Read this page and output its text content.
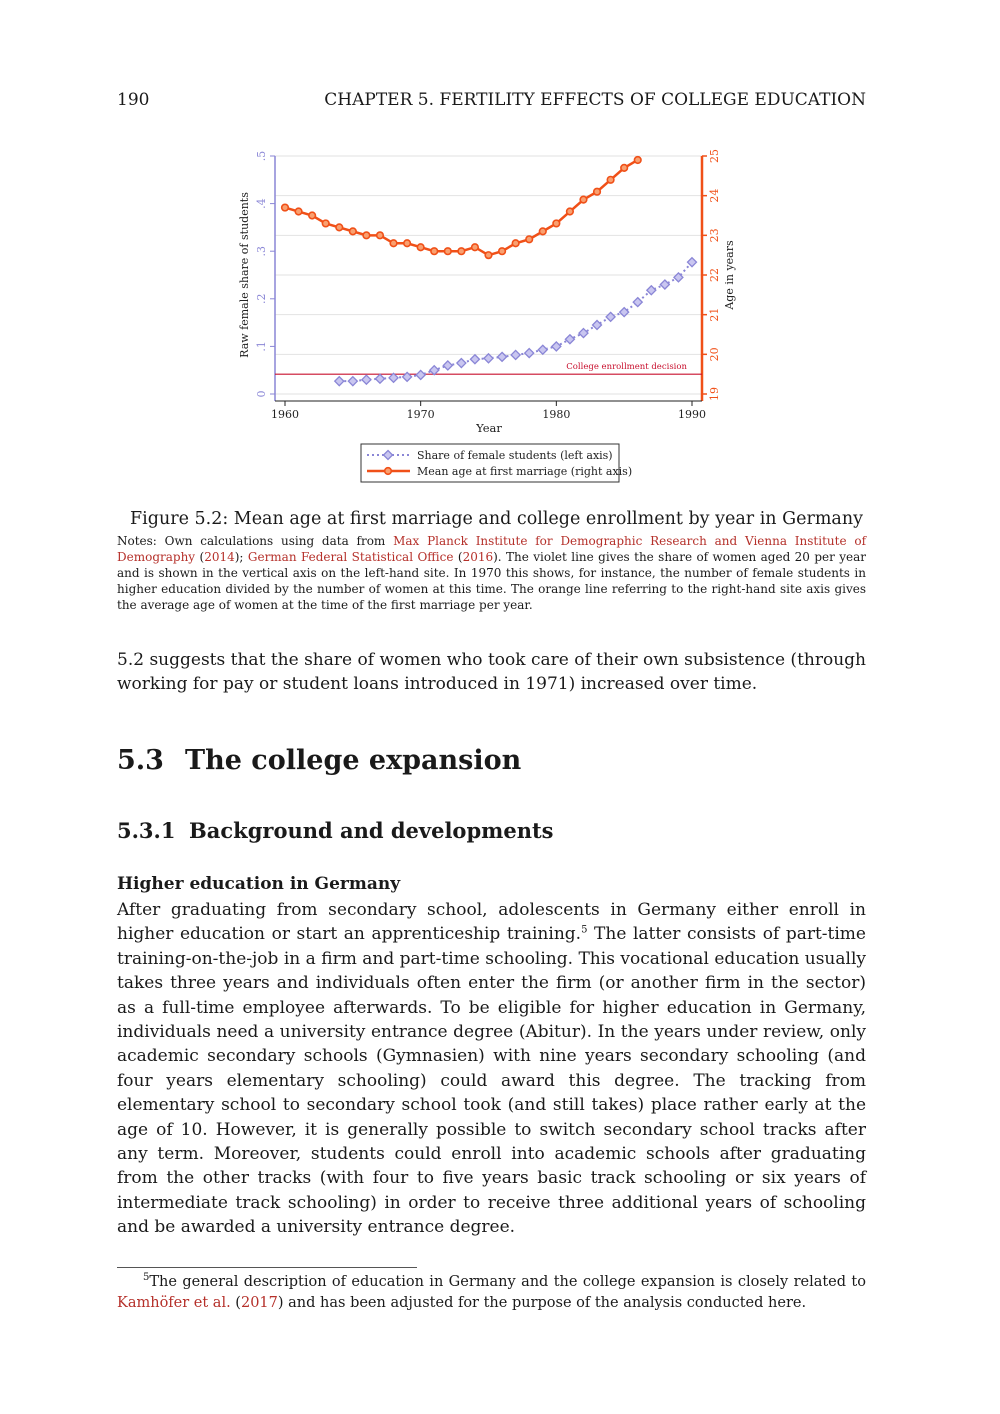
190	CHAPTER 5. FERTILITY EFFECTS OF COLLEGE EDUCATION
0
.1
.2
.3
.4
.5
19
20
21
22
23
24
25
1960	1970	1980	1990
Year
Raw female share of students	Age in years
College enrollment decision
Share of female students (left axis)
Mean age at first marriage (right axis)
Figure 5.2: Mean age at first marriage and college enrollment by year in Germany
Notes: Own calculations using data from Max Planck Institute for Demographic Research and Vienna Institute of Demography (2014); German Federal Statistical Office (2016). The violet line gives the share of women aged 20 per year and is shown in the vertical axis on the left-hand site. In 1970 this shows, for instance, the number of female students in higher education divided by the number of women at this time. The orange line referring to the right-hand site axis gives the average age of women at the time of the first marriage per year.
5.2 suggests that the share of women who took care of their own subsistence (through working for pay or student loans introduced in 1971) increased over time.
5.3 The college expansion
5.3.1 Background and developments
Higher education in Germany
After graduating from secondary school, adolescents in Germany either enroll in higher education or start an apprenticeship training.$^5$ The latter consists of part-time training-on-the-job in a firm and part-time schooling. This vocational education usually takes three years and individuals often enter the firm (or another firm in the sector) as a full-time employee afterwards. To be eligible for higher education in Germany, individuals need a university entrance degree (Abitur). In the years under review, only academic secondary schools (Gymnasien) with nine years secondary schooling (and four years elementary schooling) could award this degree. The tracking from elementary school to secondary school took (and still takes) place rather early at the age of 10. However, it is generally possible to switch secondary school tracks after any term. Moreover, students could enroll into academic schools after graduating from the other tracks (with four to five years basic track schooling or six years of intermediate track schooling) in order to receive three additional years of schooling and be awarded a university entrance degree.
$^5$The general description of education in Germany and the college expansion is closely related to Kamhöfer et al. (2017) and has been adjusted for the purpose of the analysis conducted here.
